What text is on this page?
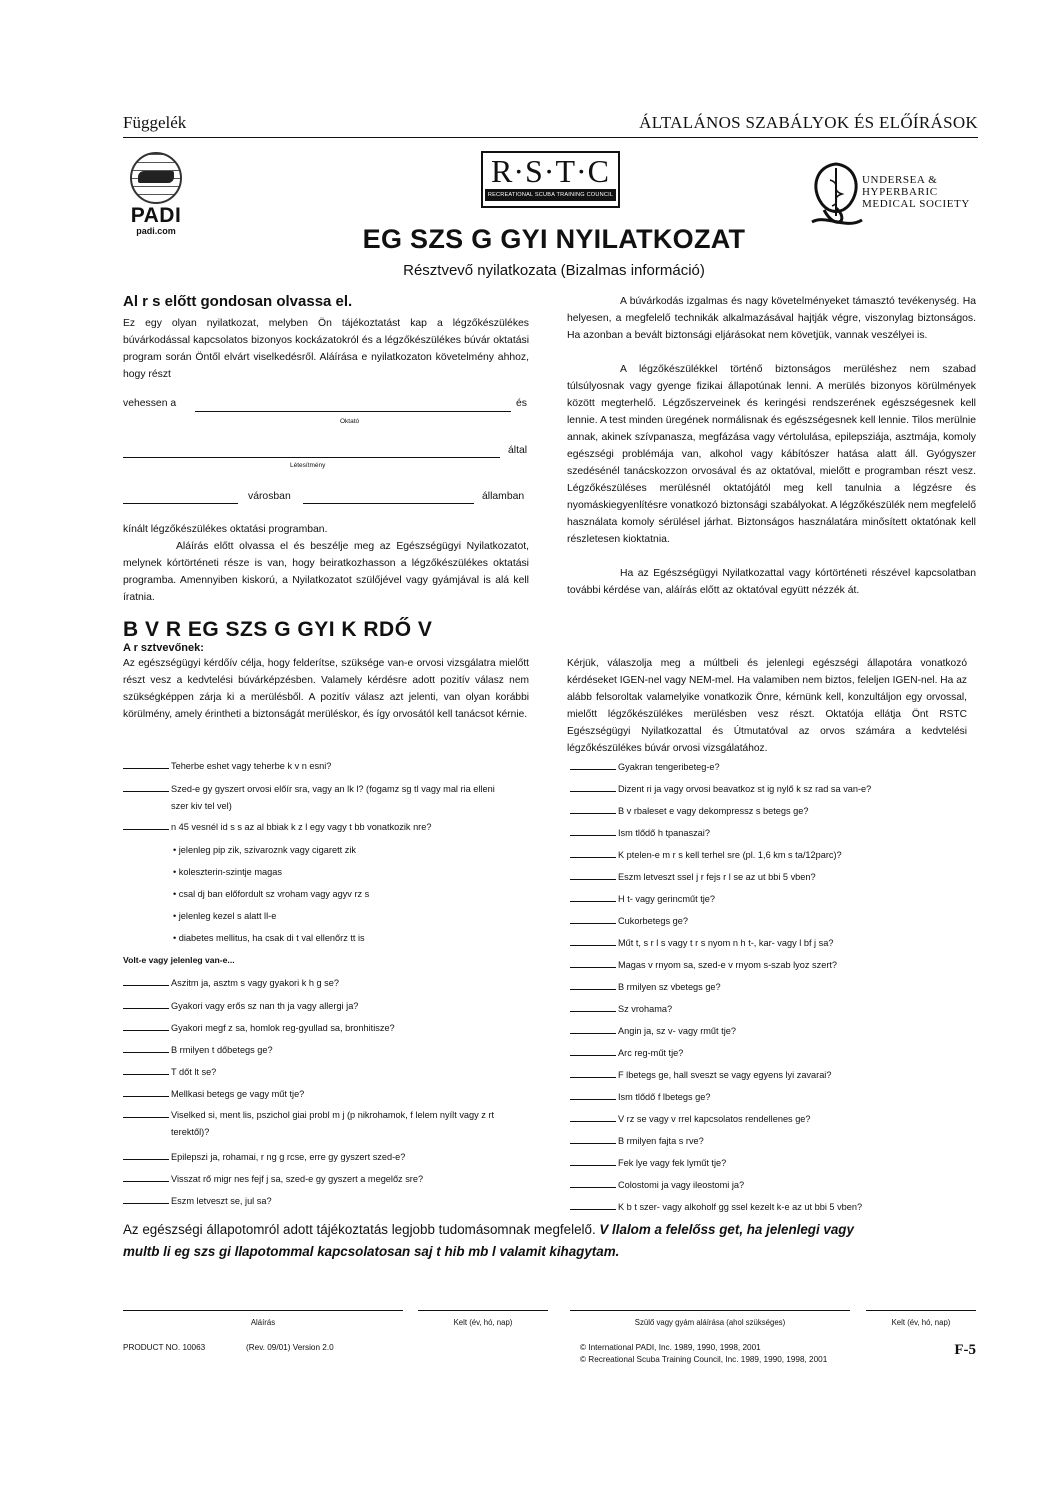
Függelék	ÁLTALÁNOS SZABÁLYOK ÉS ELŐÍRÁSOK
PADI
padi.com
R·S·T·C
RECREATIONAL SCUBA TRAINING COUNCIL
UNDERSEA &
HYPERBARIC
MEDICAL SOCIETY
EG SZS G GYI NYILATKOZAT
Résztvevő nyilatkozata (Bizalmas információ)
Al r s előtt gondosan olvassa el.
Ez egy olyan nyilatkozat, melyben Ön tájékoztatást kap a légzőkészülékes búvárkodással kapcsolatos bizonyos kockázatokról és a légzőkészülékes búvár oktatási program során Öntől elvárt viselkedésről. Aláírása e nyilatkozaton követelmény ahhoz, hogy részt
vehessen a	és
Oktató
által
Létesítmény
városban	államban
kínált légzőkészülékes oktatási programban.
Aláírás előtt olvassa el és beszélje meg az Egészségügyi Nyilatkozatot, melynek kórtörténeti része is van, hogy beiratkozhasson a légzőkészülékes oktatási programba. Amennyiben kiskorú, a Nyilatkozatot szülőjével vagy gyámjával is alá kell íratnia.
A búvárkodás izgalmas és nagy követelményeket támasztó tevékenység. Ha helyesen, a megfelelő technikák alkalmazásával hajtják végre, viszonylag biztonságos. Ha azonban a bevált biztonsági eljárásokat nem követjük, vannak veszélyei is.
A légzőkészülékkel történő biztonságos merüléshez nem szabad túlsúlyosnak vagy gyenge fizikai állapotúnak lenni. A merülés bizonyos körülmények között megterhelő. Légzőszerveinek és keringési rendszerének egészségesnek kell lennie. A test minden üregének normálisnak és egészségesnek kell lennie. Tilos merülnie annak, akinek szívpanasza, megfázása vagy vértolulása, epilepsziája, asztmája, komoly egészségi problémája van, alkohol vagy kábítószer hatása alatt áll. Gyógyszer szedésénél tanácskozzon orvosával és az oktatóval, mielőtt e programban részt vesz. Légzőkészüléses merülésnél oktatójától meg kell tanulnia a légzésre és nyomáskiegyenlítésre vonatkozó biztonsági szabályokat. A légzőkészülék nem megfelelő használata komoly sérülésel járhat. Biztonságos használatára minősített oktatónak kell részletesen kioktatnia.
Ha az Egészségügyi Nyilatkozattal vagy kórtörténeti részével kapcsolatban további kérdése van, aláírás előtt az oktatóval együtt nézzék át.
B V R EG SZS G GYI K RDŐ V
A r sztvevőnek:
Az egészségügyi kérdőív célja, hogy felderítse, szüksége van-e orvosi vizsgálatra mielőtt részt vesz a kedvtelési búvárképzésben. Valamely kérdésre adott pozitív válasz nem szükségképpen zárja ki a merülésből. A pozitív válasz azt jelenti, van olyan korábbi körülmény, amely érintheti a biztonságát merüléskor, és így orvosától kell tanácsot kérnie.
Kérjük, válaszolja meg a múltbeli és jelenlegi egészségi állapotára vonatkozó kérdéseket IGEN-nel vagy NEM-mel. Ha valamiben nem biztos, feleljen IGEN-nel. Ha az alább felsoroltak valamelyike vonatkozik Önre, kérnünk kell, konzultáljon egy orvossal, mielőtt légzőkészülékes merülésben vesz részt. Oktatója ellátja Önt RSTC Egészségügyi Nyilatkozattal és Útmutatóval az orvos számára a kedvtelési légzőkészülékes búvár orvosi vizsgálatához.
Teherbe eshet vagy teherbe k v n esni?
Szed-e gy gyszert orvosi előír sra, vagy an lk l? (fogamz sg tl vagy mal ria elleni szer kiv tel vel)
n 45 vesnél id s s az al bbiak k z l egy vagy t bb vonatkozik nre?
• jelenleg pip zik, szivaroznk vagy cigarett zik
• koleszterin-szintje magas
• csal dj ban előfordult sz vroham vagy agyv rz s
• jelenleg kezel s alatt ll-e
• diabetes mellitus, ha csak di t val ellenőrz tt is
Volt-e vagy jelenleg van-e...
Aszitm ja, asztm s vagy gyakori k h g se?
Gyakori vagy erős sz nan th ja vagy allergi ja?
Gyakori megf z sa, homlok reg-gyullad sa, bronhitisze?
B rmilyen t dőbetegs ge?
T dőt lt se?
Mellkasi betegs ge vagy műt tje?
Viselked si, ment lis, pszichol giai probl m j (p nikrohamok, f lelem nyílt vagy z rt terektől)?
Epilepszi ja, rohamai, r ng g rcse, erre gy gyszert szed-e?
Visszat rő migr nes fejf j sa, szed-e gy gyszert a megelőz sre?
Eszm letveszt se, jul sa?
Gyakran tengeribeteg-e?
Dizent ri ja vagy orvosi beavatkoz st ig nylő k sz rad sa van-e?
B v rbaleset e vagy dekompressz s betegs ge?
Ism tlődő h tpanaszai?
K ptelen-e m r s kell terhel sre (pl. 1,6 km s ta/12parc)?
Eszm letveszt ssel j r fejs r l se az ut bbi 5 vben?
H t- vagy gerincműt tje?
Cukorbetegs ge?
Műt t, s r l s vagy t r s nyom n h t-, kar- vagy l bf j sa?
Magas v rnyom sa, szed-e v rnyom s-szab lyoz szert?
B rmilyen sz vbetegs ge?
Sz vrohama?
Angin ja, sz v- vagy rműt tje?
Arc reg-műt tje?
F lbetegs ge, hall sveszt se vagy egyens lyi zavarai?
Ism tlődő f lbetegs ge?
V rz se vagy v rrel kapcsolatos rendellenes ge?
B rmilyen fajta s rve?
Fek lye vagy fek lyműt tje?
Colostomi ja vagy ileostomi ja?
K b t szer- vagy alkoholf gg ssel kezelt k-e az ut bbi 5 vben?
Az egészségi állapotomról adott tájékoztatás legjobb tudomásomnak megfelelő. V llalom a felelőss get, ha jelenlegi vagy
multb li eg szs gi llapotommal kapcsolatosan saj t hib mb l valamit kihagytam.
Aláírás	Kelt (év, hó, nap)	Szülő vagy gyám aláírása (ahol szükséges)	Kelt (év, hó, nap)
PRODUCT NO. 10063	(Rev. 09/01) Version 2.0	© International PADI, Inc. 1989, 1990, 1998, 2001
© Recreational Scuba Training Council, Inc. 1989, 1990, 1998, 2001
F-5
